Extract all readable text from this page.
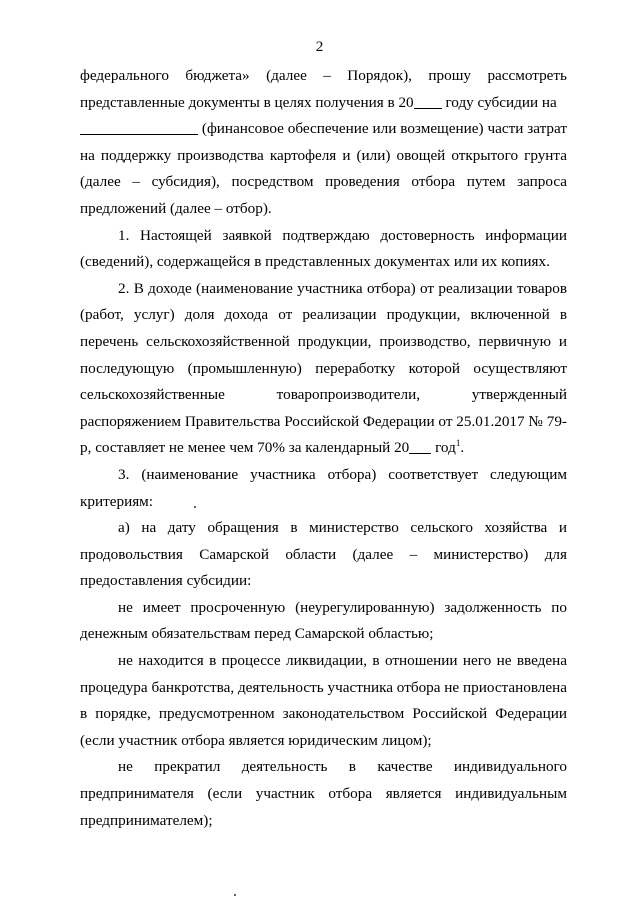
2

федерального бюджета» (далее – Порядок), прошу рассмотреть представленные документы в целях получения в 20 году субсидии на
(финансовое обеспечение или возмещение) части затрат на поддержку производства картофеля и (или) овощей открытого грунта (далее – субсидия), посредством проведения отбора путем запроса предложений (далее – отбор).

1. Настоящей заявкой подтверждаю достоверность информации (сведений), содержащейся в представленных документах или их копиях.

2. В доходе (наименование участника отбора) от реализации товаров (работ, услуг) доля дохода от реализации продукции, включенной в перечень сельскохозяйственной продукции, производство, первичную и последующую (промышленную) переработку которой осуществляют сельскохозяйственные товаропроизводители, утвержденный распоряжением Правительства Российской Федерации от 25.01.2017 № 79-р, составляет не менее чем 70% за календарный 20 год$^1$.

3. (наименование участника отбора) соответствует следующим критериям:

а) на дату обращения в министерство сельского хозяйства и продовольствия Самарской области (далее – министерство) для предоставления субсидии:

не имеет просроченную (неурегулированную) задолженность по денежным обязательствам перед Самарской областью;

не находится в процессе ликвидации, в отношении него не введена процедура банкротства, деятельность участника отбора не приостановлена в порядке, предусмотренном законодательством Российской Федерации (если участник отбора является юридическим лицом);

не прекратил деятельность в качестве индивидуального предпринимателя (если участник отбора является индивидуальным предпринимателем);
